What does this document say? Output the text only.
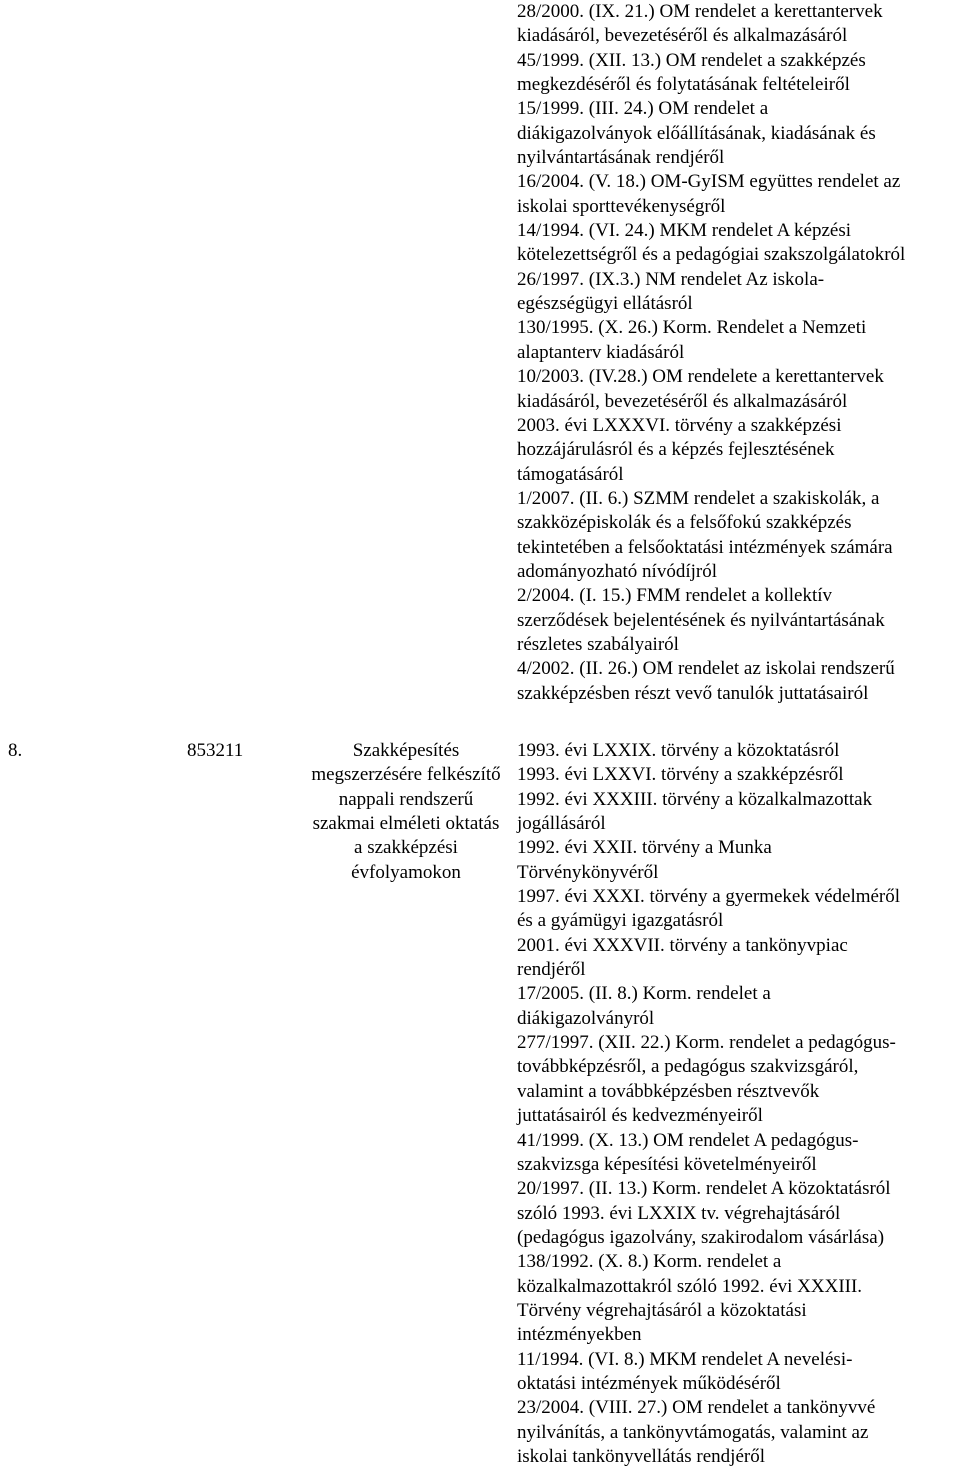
28/2000. (IX. 21.) OM rendelet a kerettantervek
kiadásáról, bevezetéséről és alkalmazásáról

45/1999. (XII. 13.) OM rendelet a szakképzés
megkezdéséről és folytatásának feltételeiről

15/1999. (III. 24.) OM rendelet a
diákigazolványok előállításának, kiadásának és
nyilvántartásának rendjéről

16/2004. (V. 18.) OM-GyISM együttes rendelet az
iskolai sporttevékenységről

14/1994. (VI. 24.) MKM rendelet A képzési
kötelezettségről és a pedagógiai szakszolgálatokról

26/1997. (IX.3.) NM rendelet Az iskola-
egészségügyi ellátásról

130/1995. (X. 26.) Korm. Rendelet a Nemzeti
alaptanterv kiadásáról

10/2003. (IV.28.) OM rendelete a kerettantervek
kiadásáról, bevezetéséről és alkalmazásáról

2003. évi LXXXVI. törvény a szakképzési
hozzájárulásról és a képzés fejlesztésének
támogatásáról

1/2007. (II. 6.) SZMM rendelet a szakiskolák, a
szakközépiskolák és a felsőfokú szakképzés
tekintetében a felsőoktatási intézmények számára
adományozható nívódíjról

2/2004. (I. 15.) FMM rendelet a kollektív
szerződések bejelentésének és nyilvántartásának
részletes szabályairól

4/2002. (II. 26.) OM rendelet az iskolai rendszerű
szakképzésben részt vevő tanulók juttatásairól

8.	853211	Szakképesítés
megszerzésére felkészítő
nappali rendszerű
szakmai elméleti oktatás
a szakképzési
évfolyamokon

1993. évi LXXIX. törvény a közoktatásról

1993. évi LXXVI. törvény a szakképzésről

1992. évi XXXIII. törvény a közalkalmazottak
jogállásáról

1992. évi XXII. törvény a Munka
Törvénykönyvéről

1997. évi XXXI. törvény a gyermekek védelméről
és a gyámügyi igazgatásról

2001. évi XXXVII. törvény a tankönyvpiac
rendjéről

17/2005. (II. 8.) Korm. rendelet a
diákigazolványról

277/1997. (XII. 22.) Korm. rendelet a pedagógus-
továbbképzésről, a pedagógus szakvizsgáról,
valamint a továbbképzésben résztvevők
juttatásairól és kedvezményeiről

41/1999. (X. 13.) OM rendelet A pedagógus-
szakvizsga képesítési követelményeiről

20/1997. (II. 13.) Korm. rendelet A közoktatásról
szóló 1993. évi LXXIX tv. végrehajtásáról
(pedagógus igazolvány, szakirodalom vásárlása)

138/1992. (X. 8.) Korm. rendelet a
közalkalmazottakról szóló 1992. évi XXXIII.
Törvény végrehajtásáról a közoktatási
intézményekben

11/1994. (VI. 8.) MKM rendelet A nevelési-
oktatási intézmények működéséről

23/2004. (VIII. 27.) OM rendelet a tankönyvvé
nyilvánítás, a tankönyvtámogatás, valamint az
iskolai tankönyvellátás rendjéről
